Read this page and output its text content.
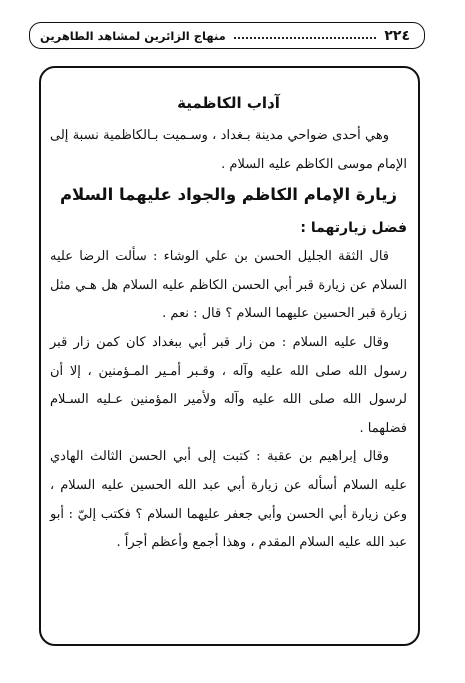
٢٢٤
منهاج الزائرين لمشاهد الطاهرين
آداب الكاظمية

وهي أحدى ضواحي مدينة بـغداد ، وسـميت بـالكاظمية نسبة إلى الإمام موسى الكاظم عليه السلام .

زيارة الإمام الكاظم والجواد عليهما السلام
فضل زيارتهما :

قال الثقة الجليل الحسن بن علي الوشاء : سألت الرضا عليه السلام عن زيارة قبر أبي الحسن الكاظم عليه السلام هل هـي مثل زيارة قبر الحسين عليهما السلام ؟ قال : نعم .

وقال عليه السلام : من زار قبر أبي ببغداد كان كمن زار قبر رسول الله صلى الله عليه وآله ، وقـبر أمـير المـؤمنين ، إلا أن لرسول الله صلى الله عليه وآله ولأمير المؤمنين عـليه السـلام فضلهما .

وقال إبراهيم بن عقبة : كتبت إلى أبي الحسن الثالث الهادي عليه السلام أسأله عن زيارة أبي عبد الله الحسين عليه السلام ، وعن زيارة أبي الحسن وأبي جعفر عليهما السلام ؟ فكتب إليّ : أبو عبد الله عليه السلام المقدم ، وهذا أجمع وأعظم أجراً .
